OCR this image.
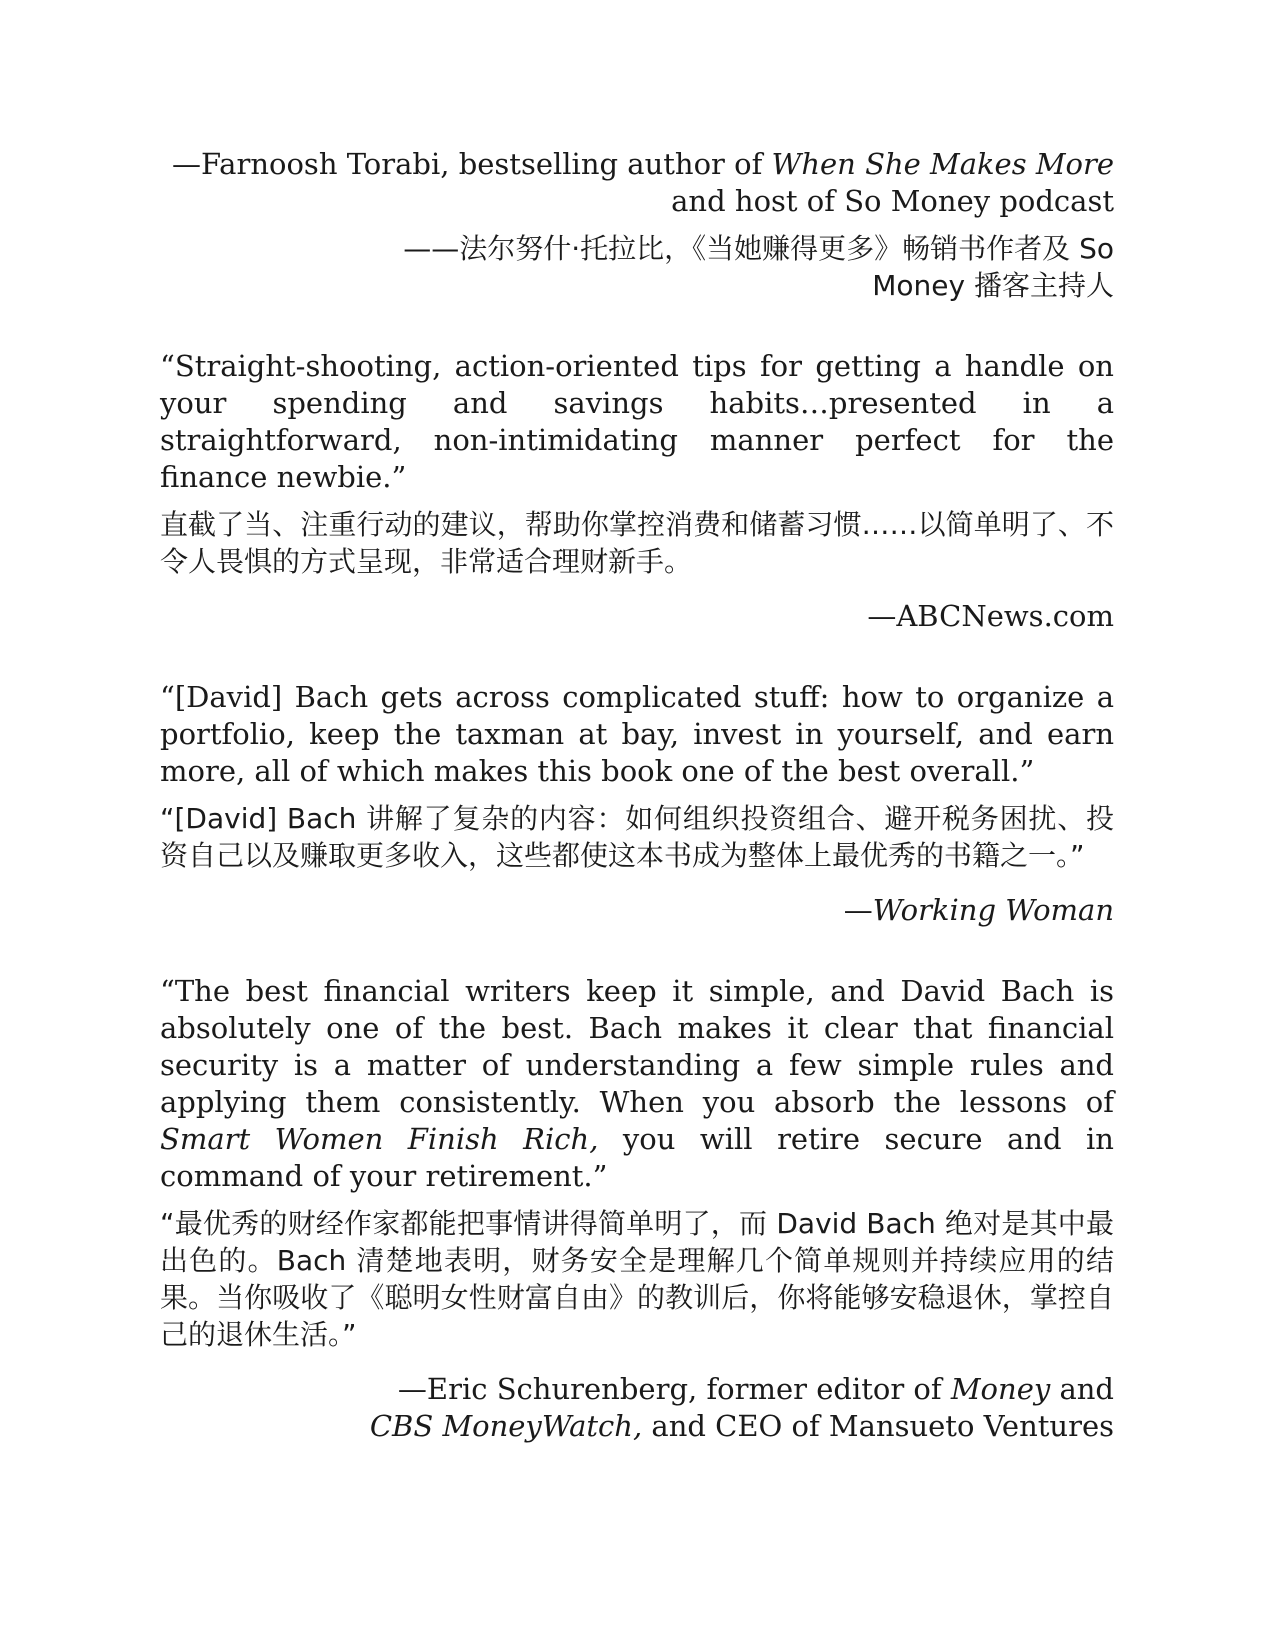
—Farnoosh Torabi, bestselling author of When She Makes More and host of So Money podcast
——法尔努什·托拉比，《当她赚得更多》畅销书作者及 So Money 播客主持人
“Straight-shooting, action-oriented tips for getting a handle on your spending and savings habits…presented in a straightforward, non-intimidating manner perfect for the finance newbie.”
直截了当、注重行动的建议，帮助你掌控消费和储蓄习惯……以简单明了、不令人畏惧的方式呈现，非常适合理财新手。
—ABCNews.com
“[David] Bach gets across complicated stuff: how to organize a portfolio, keep the taxman at bay, invest in yourself, and earn more, all of which makes this book one of the best overall.”
“[David] Bach 讲解了复杂的内容：如何组织投资组合、避开税务困扰、投资自己以及赚取更多收入，这些都使这本书成为整体上最优秀的书籍之一。”
—Working Woman
“The best financial writers keep it simple, and David Bach is absolutely one of the best. Bach makes it clear that financial security is a matter of understanding a few simple rules and applying them consistently. When you absorb the lessons of Smart Women Finish Rich, you will retire secure and in command of your retirement.”
“最优秀的财经作家都能把事情讲得简单明了，而 David Bach 绝对是其中最出色的。Bach 清楚地表明，财务安全是理解几个简单规则并持续应用的结果。当你吸收了《聪明女性财富自由》的教训后，你将能够安稳退休，掌控自己的退休生活。”
—Eric Schurenberg, former editor of Money and
CBS MoneyWatch, and CEO of Mansueto Ventures
